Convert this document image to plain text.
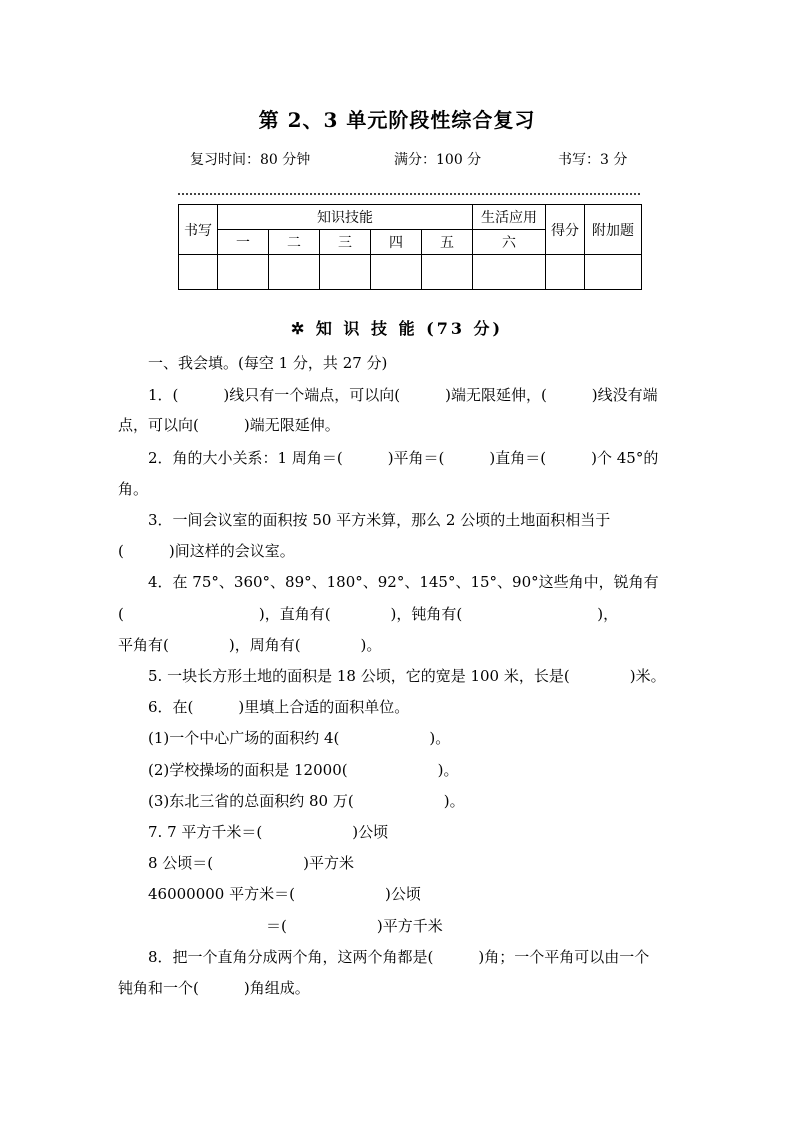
第 2、3 单元阶段性综合复习
复习时间：80 分钟	满分：100 分	书写：3 分
书写	知识技能					生活应用	得分	附加题
	一	二	三	四	五	六		

✲ 知 识 技 能 (73 分)
一、我会填。(每空 1 分，共 27 分)
1．(　　　)线只有一个端点，可以向(　　　)端无限延伸，(　　　)线没有端
点，可以向(　　　)端无限延伸。
2．角的大小关系：1 周角＝(　　　)平角＝(　　　)直角＝(　　　)个 45°的
角。
3．一间会议室的面积按 50 平方米算，那么 2 公顷的土地面积相当于
(　　　)间这样的会议室。
4．在 75°、360°、89°、180°、92°、145°、15°、90°这些角中，锐角有
(　　　　　　　　　)，直角有(　　　　)，钝角有(　　　　　　　　　)，
平角有(　　　　)，周角有(　　　　)。
5. 一块长方形土地的面积是 18 公顷，它的宽是 100 米，长是(　　　　)米。
6．在(　　　)里填上合适的面积单位。
(1)一个中心广场的面积约 4(　　　　　　)。
(2)学校操场的面积是 12000(　　　　　　)。
(3)东北三省的总面积约 80 万(　　　　　　)。
7. 7 平方千米＝(　　　　　　)公顷
8 公顷＝(　　　　　　)平方米
46000000 平方米＝(　　　　　　)公顷
＝(　　　　　　)平方千米
8．把一个直角分成两个角，这两个角都是(　　　)角；一个平角可以由一个
钝角和一个(　　　)角组成。
